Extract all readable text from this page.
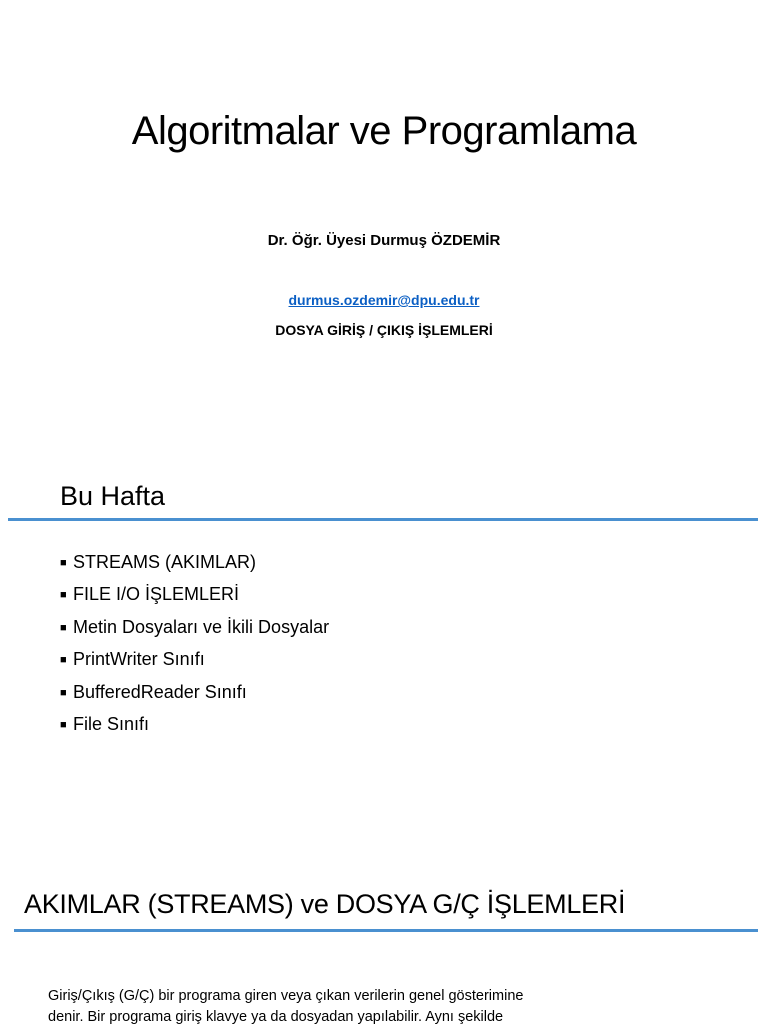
Algoritmalar ve Programlama
Dr. Öğr. Üyesi Durmuş ÖZDEMİR
durmus.ozdemir@dpu.edu.tr
DOSYA GİRİŞ / ÇIKIŞ İŞLEMLERİ
Bu Hafta
■ STREAMS (AKIMLAR)
■ FILE I/O İŞLEMLERİ
■ Metin Dosyaları ve İkili Dosyalar
■ PrintWriter Sınıfı
■ BufferedReader Sınıfı
■ File Sınıfı
AKIMLAR (STREAMS) ve DOSYA G/Ç İŞLEMLERİ
Giriş/Çıkış (G/Ç) bir programa giren veya çıkan verilerin genel gösterimine
denir. Bir programa giriş klavye ya da dosyadan yapılabilir. Aynı şekilde
